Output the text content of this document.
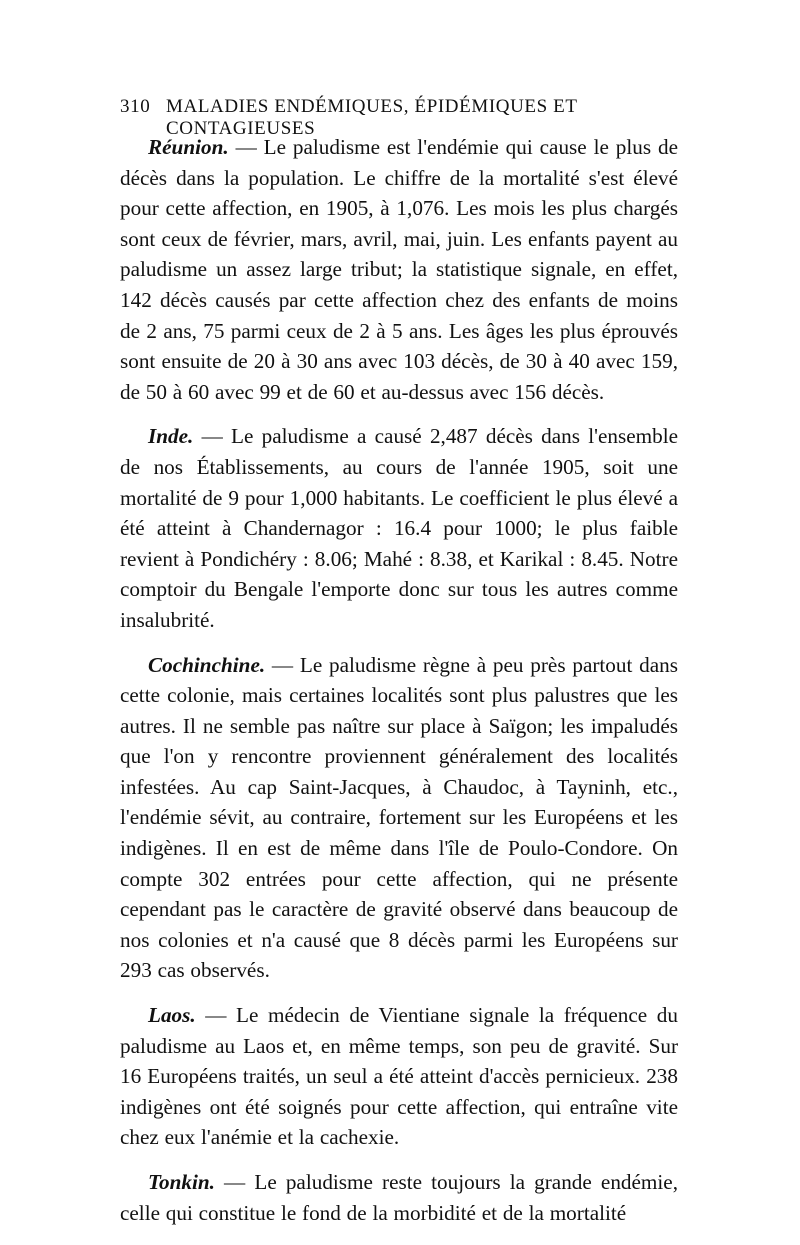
310 MALADIES ENDÉMIQUES, ÉPIDÉMIQUES ET CONTAGIEUSES

Réunion. — Le paludisme est l'endémie qui cause le plus de décès dans la population. Le chiffre de la mortalité s'est élevé pour cette affection, en 1905, à 1,076. Les mois les plus chargés sont ceux de février, mars, avril, mai, juin. Les enfants payent au paludisme un assez large tribut; la statistique signale, en effet, 142 décès causés par cette affection chez des enfants de moins de 2 ans, 75 parmi ceux de 2 à 5 ans. Les âges les plus éprouvés sont ensuite de 20 à 30 ans avec 103 décès, de 30 à 40 avec 159, de 50 à 60 avec 99 et de 60 et au-dessus avec 156 décès.

Inde. — Le paludisme a causé 2,487 décès dans l'ensemble de nos Établissements, au cours de l'année 1905, soit une mortalité de 9 pour 1,000 habitants. Le coefficient le plus élevé a été atteint à Chandernagor : 16.4 pour 1000; le plus faible revient à Pondichéry : 8.06; Mahé : 8.38, et Karikal : 8.45. Notre comptoir du Bengale l'emporte donc sur tous les autres comme insalubrité.

Cochinchine. — Le paludisme règne à peu près partout dans cette colonie, mais certaines localités sont plus palustres que les autres. Il ne semble pas naître sur place à Saïgon; les impaludés que l'on y rencontre proviennent généralement des localités infestées. Au cap Saint-Jacques, à Chaudoc, à Tayninh, etc., l'endémie sévit, au contraire, fortement sur les Européens et les indigènes. Il en est de même dans l'île de Poulo-Condore. On compte 302 entrées pour cette affection, qui ne présente cependant pas le caractère de gravité observé dans beaucoup de nos colonies et n'a causé que 8 décès parmi les Européens sur 293 cas observés.

Laos. — Le médecin de Vientiane signale la fréquence du paludisme au Laos et, en même temps, son peu de gravité. Sur 16 Européens traités, un seul a été atteint d'accès pernicieux. 238 indigènes ont été soignés pour cette affection, qui entraîne vite chez eux l'anémie et la cachexie.

Tonkin. — Le paludisme reste toujours la grande endémie, celle qui constitue le fond de la morbidité et de la mortalité
